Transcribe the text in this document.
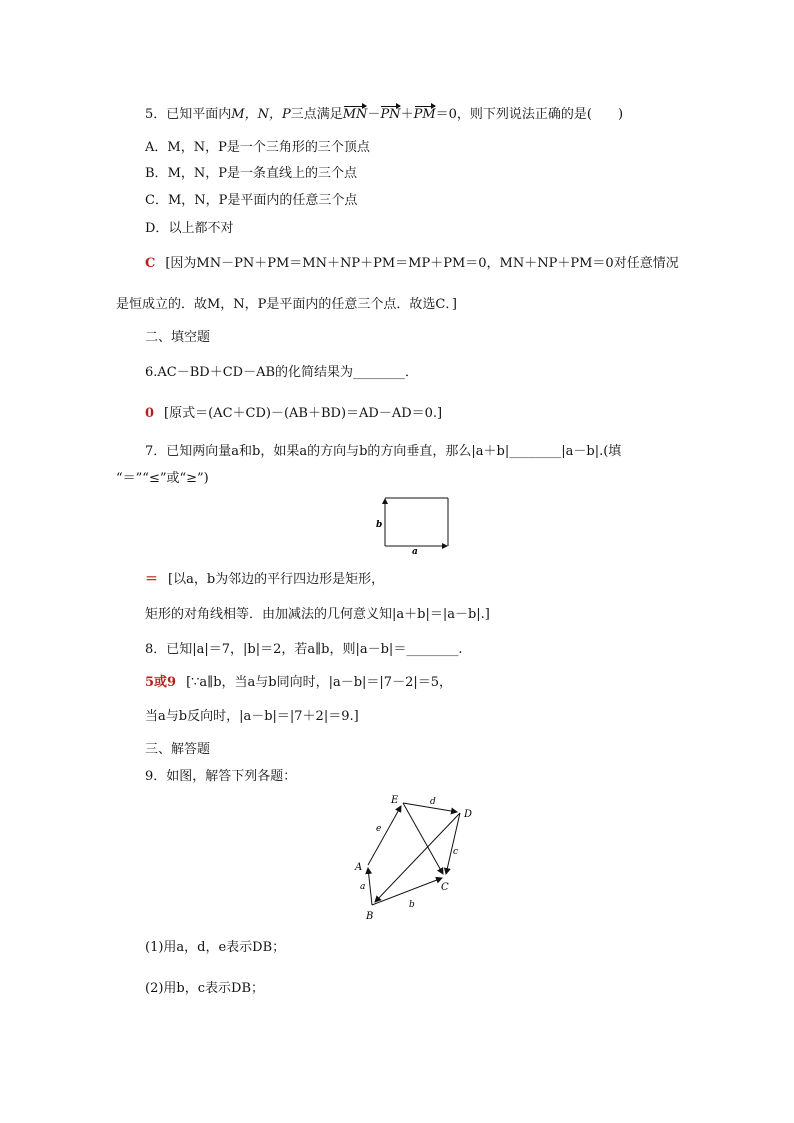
5．已知平面内M，N，P三点满足MN－PN＋PM＝0，则下列说法正确的是(　　)
A．M，N，P是一个三角形的三个顶点
B．M，N，P是一条直线上的三个点
C．M，N，P是平面内的任意三个点
D．以上都不对
C [因为MN－PN＋PM＝MN＋NP＋PM＝MP＋PM＝0，MN＋NP＋PM＝0对任意情况
是恒成立的．故M，N，P是平面内的任意三个点．故选C．]
二、填空题
6.AC－BD＋CD－AB的化简结果为________．
0 [原式＝(AC＋CD)－(AB＋BD)＝AD－AD＝0.]
7．已知两向量a和b，如果a的方向与b的方向垂直，那么|a＋b|________|a－b|.(填
“＝”“≤”或“≥”)
b
a
＝ [以a，b为邻边的平行四边形是矩形，
矩形的对角线相等．由加减法的几何意义知|a＋b|＝|a－b|.]
8．已知|a|＝7，|b|＝2，若a∥b，则|a－b|＝________.
5或9 [∵a∥b，当a与b同向时，|a－b|＝|7－2|＝5，
当a与b反向时，|a－b|＝|7＋2|＝9.]
三、解答题
9．如图，解答下列各题：
E
D
A
B
C
d
e
c
a
b
(1)用a，d，e表示DB；
(2)用b，c表示DB；
